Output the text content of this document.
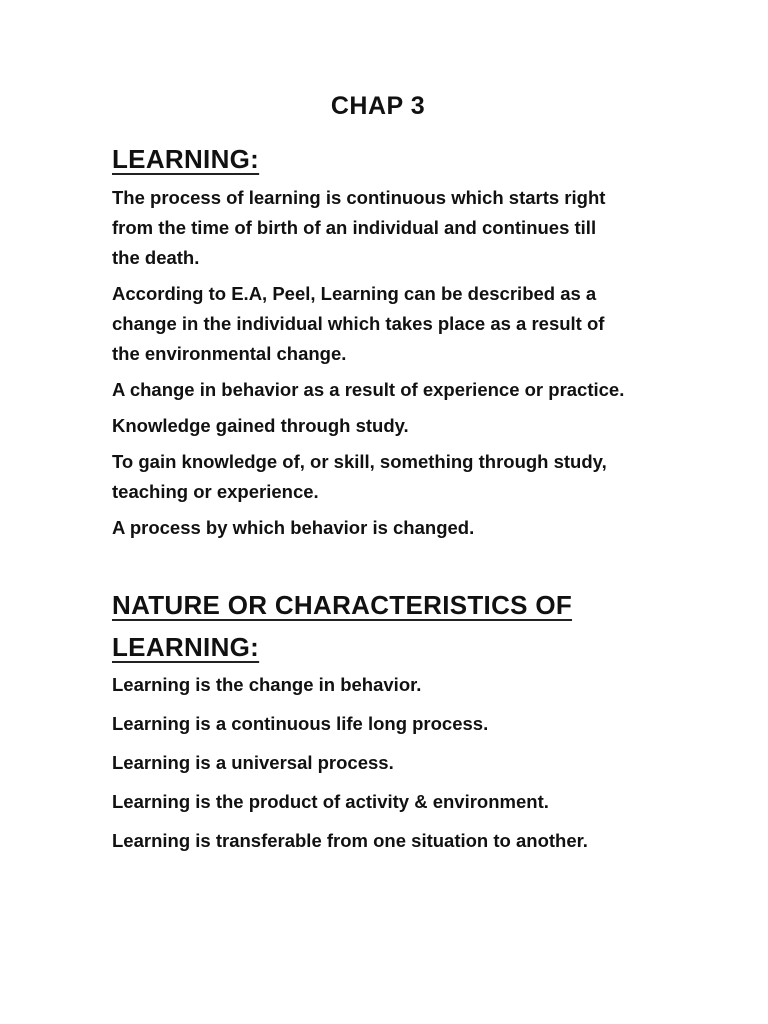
CHAP 3
LEARNING:
The process of learning is continuous which starts right
from the time of birth of an individual and continues till
the death.
According to E.A, Peel, Learning can be described as a
change in the individual which takes place as a result of
the environmental change.
A change in behavior as a result of experience or practice.
Knowledge gained through study.
To gain knowledge of, or skill, something through study,
teaching or experience.
A process by which behavior is changed.
NATURE OR CHARACTERISTICS OF
LEARNING:
Learning is the change in behavior.
Learning is a continuous life long process.
Learning is a universal process.
Learning is the product of activity & environment.
Learning is transferable from one situation to another.
